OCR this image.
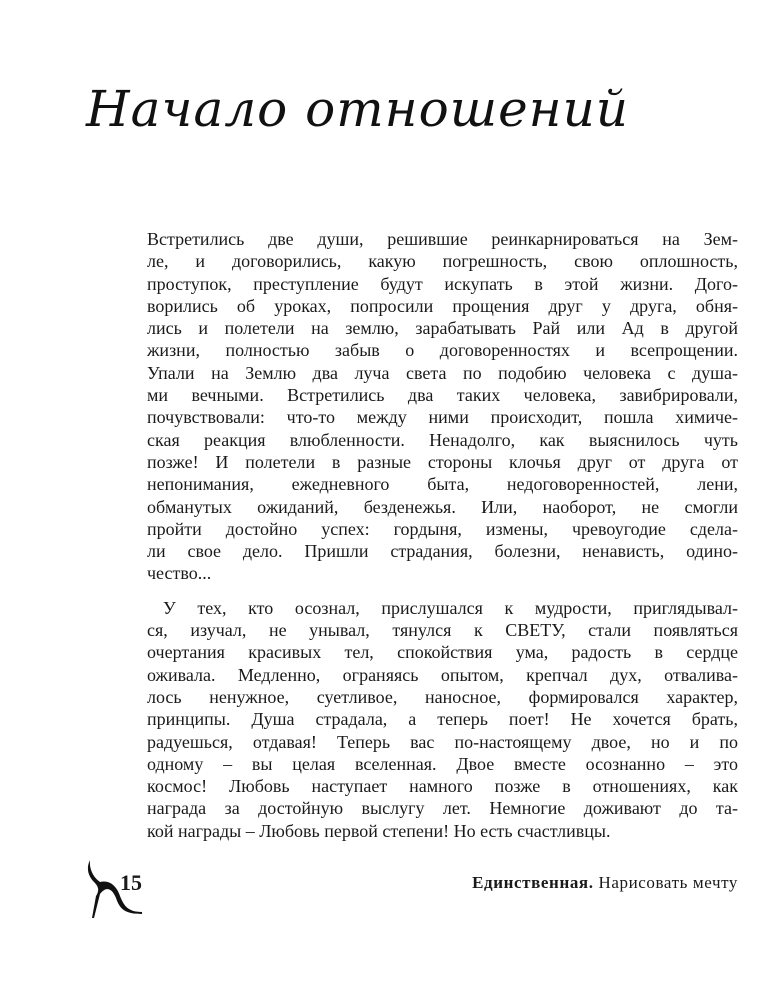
Начало отношений
Встретились две души, решившие реинкарнироваться на Зем-
ле, и договорились, какую погрешность, свою оплошность,
проступок, преступление будут искупать в этой жизни. Дого-
ворились об уроках, попросили прощения друг у друга, обня-
лись и полетели на землю, зарабатывать Рай или Ад в другой
жизни, полностью забыв о договоренностях и всепрощении.
Упали на Землю два луча света по подобию человека с душа-
ми вечными. Встретились два таких человека, завибрировали,
почувствовали: что-то между ними происходит, пошла химиче-
ская реакция влюбленности. Ненадолго, как выяснилось чуть
позже! И полетели в разные стороны клочья друг от друга от
непонимания, ежедневного быта, недоговоренностей, лени,
обманутых ожиданий, безденежья. Или, наоборот, не смогли
пройти достойно успех: гордыня, измены, чревоугодие сдела-
ли свое дело. Пришли страдания, болезни, ненависть, одино-
чество...
У тех, кто осознал, прислушался к мудрости, приглядывал-
ся, изучал, не унывал, тянулся к СВЕТУ, стали появляться
очертания красивых тел, спокойствия ума, радость в сердце
оживала. Медленно, ограняясь опытом, крепчал дух, отвалива-
лось ненужное, суетливое, наносное, формировался характер,
принципы. Душа страдала, а теперь поет! Не хочется брать,
радуешься, отдавая! Теперь вас по-настоящему двое, но и по
одному – вы целая вселенная. Двое вместе осознанно – это
космос! Любовь наступает намного позже в отношениях, как
награда за достойную выслугу лет. Немногие доживают до та-
кой награды – Любовь первой степени! Но есть счастливцы.
15	Единственная. Нарисовать мечту
